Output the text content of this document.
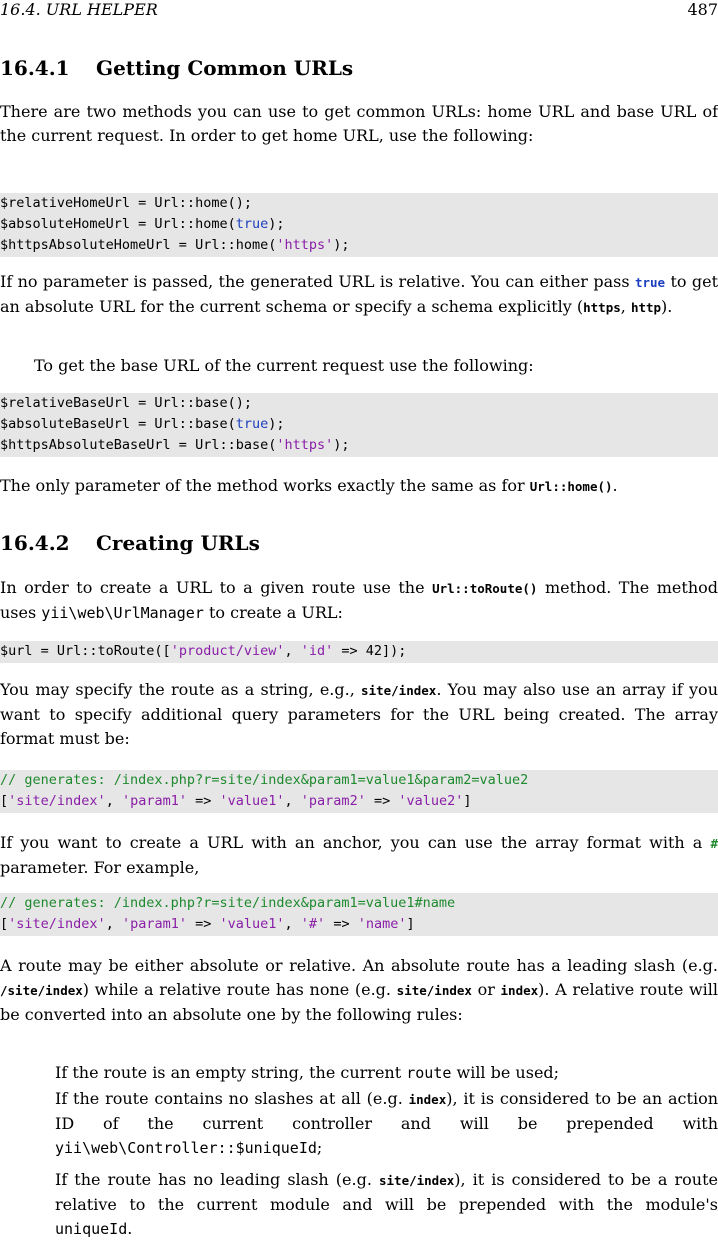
16.4. URL HELPER	487
16.4.1 Getting Common URLs
There are two methods you can use to get common URLs: home URL and base URL of the current request. In order to get home URL, use the following:
$relativeHomeUrl = Url::home();
$absoluteHomeUrl = Url::home(true);
$httpsAbsoluteHomeUrl = Url::home('https');
If no parameter is passed, the generated URL is relative. You can either pass true to get an absolute URL for the current schema or specify a schema explicitly (https, http).
To get the base URL of the current request use the following:
$relativeBaseUrl = Url::base();
$absoluteBaseUrl = Url::base(true);
$httpsAbsoluteBaseUrl = Url::base('https');
The only parameter of the method works exactly the same as for Url::home().
16.4.2 Creating URLs
In order to create a URL to a given route use the Url::toRoute() method. The method uses yii\web\UrlManager to create a URL:
$url = Url::toRoute(['product/view', 'id' => 42]);
You may specify the route as a string, e.g., site/index. You may also use an array if you want to specify additional query parameters for the URL being created. The array format must be:
// generates: /index.php?r=site/index&param1=value1&param2=value2
['site/index', 'param1' => 'value1', 'param2' => 'value2']
If you want to create a URL with an anchor, you can use the array format with a # parameter. For example,
// generates: /index.php?r=site/index&param1=value1#name
['site/index', 'param1' => 'value1', '#' => 'name']
A route may be either absolute or relative. An absolute route has a leading slash (e.g. /site/index) while a relative route has none (e.g. site/index or index). A relative route will be converted into an absolute one by the following rules:
If the route is an empty string, the current route will be used;
If the route contains no slashes at all (e.g. index), it is considered to be an action ID of the current controller and will be prepended with yii\web\Controller::$uniqueId;
If the route has no leading slash (e.g. site/index), it is considered to be a route relative to the current module and will be prepended with the module's uniqueId.
